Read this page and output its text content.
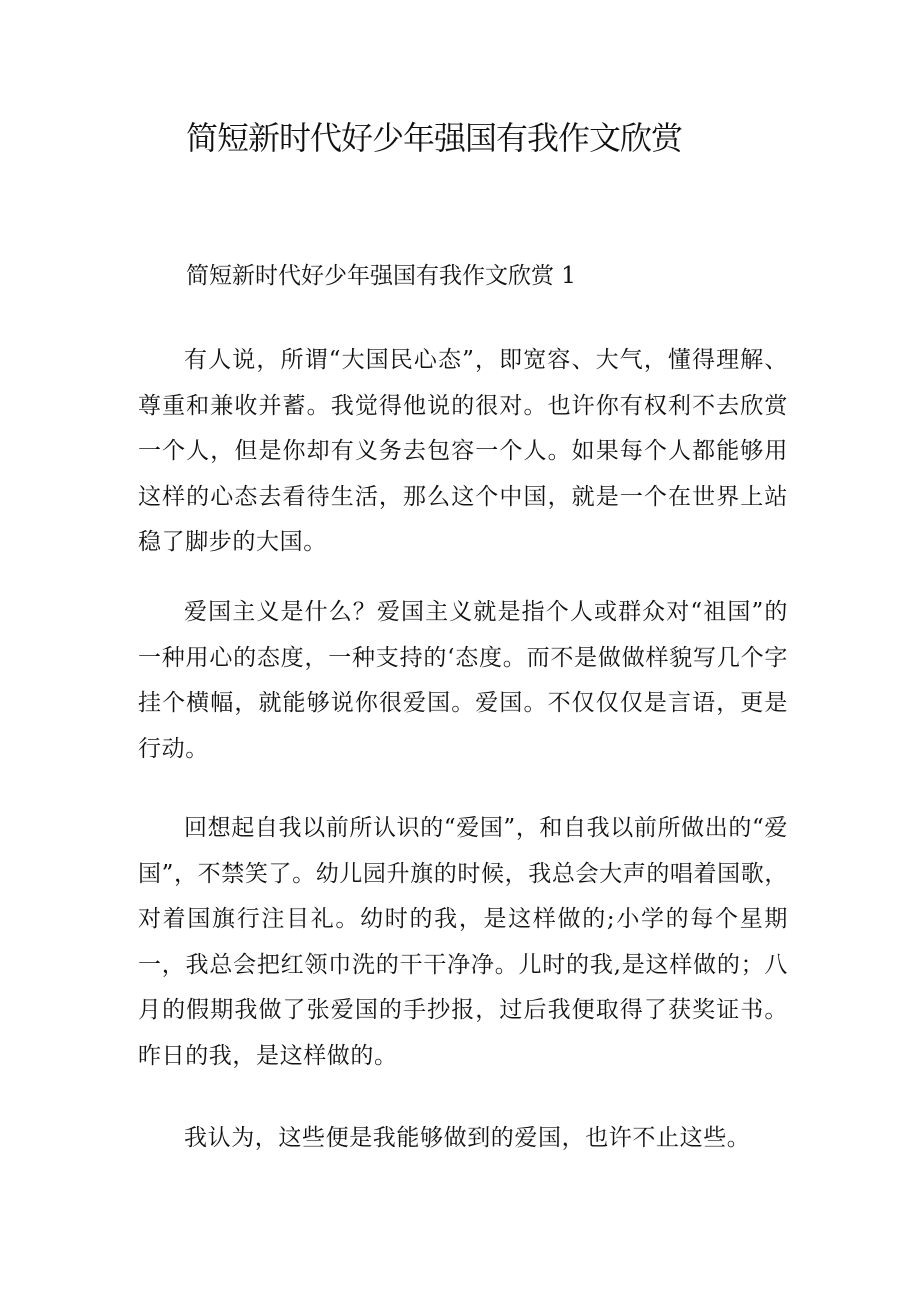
简短新时代好少年强国有我作文欣赏

简短新时代好少年强国有我作文欣赏 1

有人说，所谓“大国民心态”，即宽容、大气，懂得理解、尊重和兼收并蓄。我觉得他说的很对。也许你有权利不去欣赏一个人，但是你却有义务去包容一个人。如果每个人都能够用这样的心态去看待生活，那么这个中国，就是一个在世界上站稳了脚步的大国。

爱国主义是什么？爱国主义就是指个人或群众对“祖国”的一种用心的态度，一种支持的‘态度。而不是做做样貌写几个字挂个横幅，就能够说你很爱国。爱国。不仅仅仅是言语，更是行动。

回想起自我以前所认识的“爱国”，和自我以前所做出的“爱国”，不禁笑了。幼儿园升旗的时候，我总会大声的唱着国歌，对着国旗行注目礼。幼时的我，是这样做的;小学的每个星期一，我总会把红领巾洗的干干净净。儿时的我,是这样做的；八月的假期我做了张爱国的手抄报，过后我便取得了获奖证书。昨日的我，是这样做的。

我认为，这些便是我能够做到的爱国，也许不止这些。
